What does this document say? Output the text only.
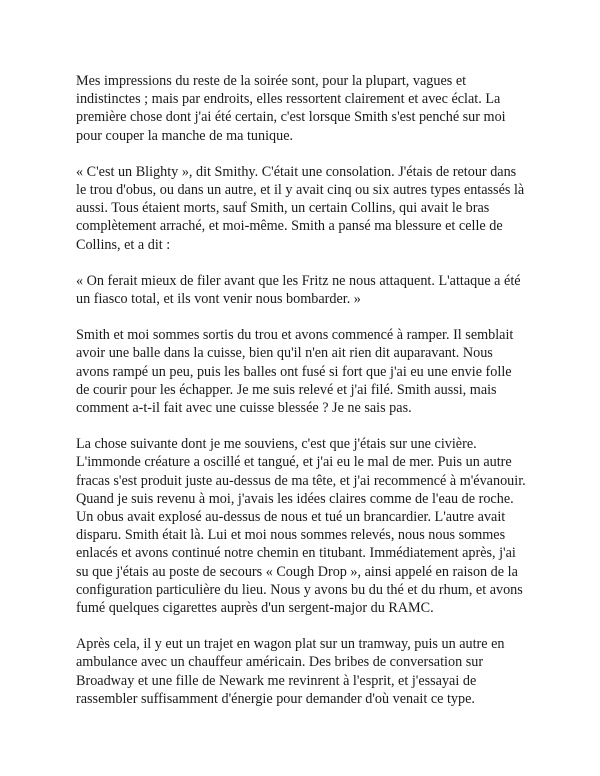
Mes impressions du reste de la soirée sont, pour la plupart, vagues et indistinctes ; mais par endroits, elles ressortent clairement et avec éclat. La première chose dont j'ai été certain, c'est lorsque Smith s'est penché sur moi pour couper la manche de ma tunique.

« C'est un Blighty », dit Smithy. C'était une consolation. J'étais de retour dans le trou d'obus, ou dans un autre, et il y avait cinq ou six autres types entassés là aussi. Tous étaient morts, sauf Smith, un certain Collins, qui avait le bras complètement arraché, et moi-même. Smith a pansé ma blessure et celle de Collins, et a dit :

« On ferait mieux de filer avant que les Fritz ne nous attaquent. L'attaque a été un fiasco total, et ils vont venir nous bombarder. »

Smith et moi sommes sortis du trou et avons commencé à ramper. Il semblait avoir une balle dans la cuisse, bien qu'il n'en ait rien dit auparavant. Nous avons rampé un peu, puis les balles ont fusé si fort que j'ai eu une envie folle de courir pour les échapper. Je me suis relevé et j'ai filé. Smith aussi, mais comment a-t-il fait avec une cuisse blessée ? Je ne sais pas.

La chose suivante dont je me souviens, c'est que j'étais sur une civière. L'immonde créature a oscillé et tangué, et j'ai eu le mal de mer. Puis un autre fracas s'est produit juste au-dessus de ma tête, et j'ai recommencé à m'évanouir. Quand je suis revenu à moi, j'avais les idées claires comme de l'eau de roche. Un obus avait explosé au-dessus de nous et tué un brancardier. L'autre avait disparu. Smith était là. Lui et moi nous sommes relevés, nous nous sommes enlacés et avons continué notre chemin en titubant. Immédiatement après, j'ai su que j'étais au poste de secours « Cough Drop », ainsi appelé en raison de la configuration particulière du lieu. Nous y avons bu du thé et du rhum, et avons fumé quelques cigarettes auprès d'un sergent-major du RAMC.

Après cela, il y eut un trajet en wagon plat sur un tramway, puis un autre en ambulance avec un chauffeur américain. Des bribes de conversation sur Broadway et une fille de Newark me revinrent à l'esprit, et j'essayai de rassembler suffisamment d'énergie pour demander d'où venait ce type.
